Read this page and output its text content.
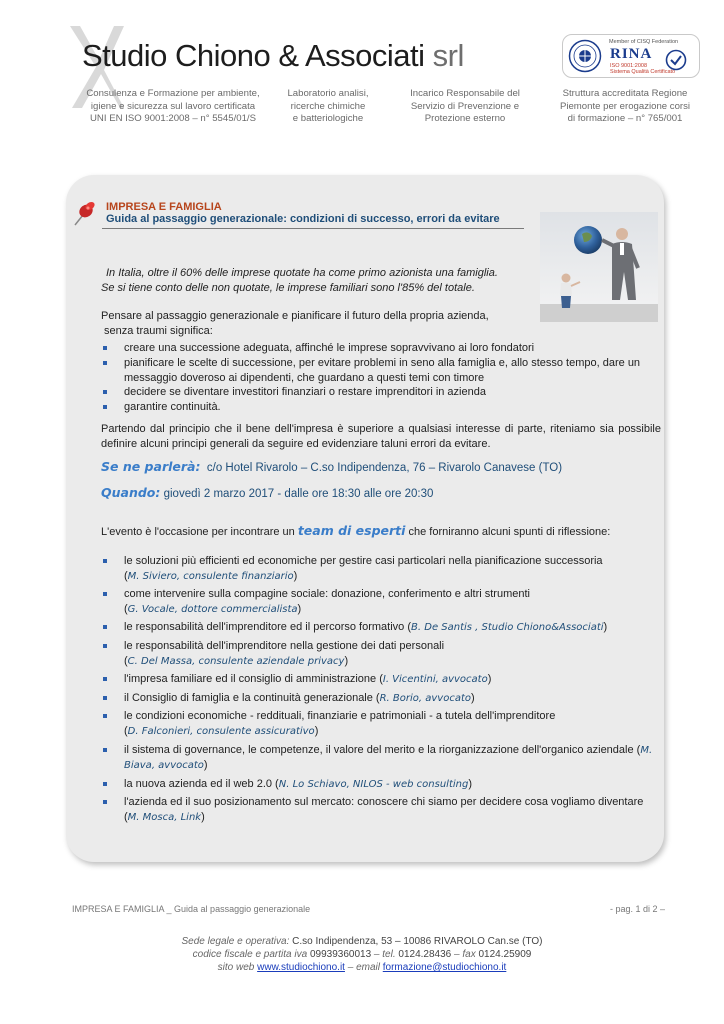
Studio Chiono & Associati srl
Consulenza e Formazione per ambiente,
igiene e sicurezza sul lavoro certificata
UNI EN ISO 9001:2008 – n° 5545/01/S
Laboratorio analisi,
ricerche chimiche
e batteriologiche
Incarico Responsabile del
Servizio di Prevenzione e
Protezione esterno
Struttura accreditata Regione
Piemonte per erogazione corsi
di formazione – n° 765/001
Member of CISQ Federation
RINA
ISO 9001:2008
Sistema Qualità Certificato
IMPRESA E FAMIGLIA
Guida al passaggio generazionale: condizioni di successo, errori da evitare
In Italia, oltre il 60% delle imprese quotate ha come primo azionista una famiglia.
Se si tiene conto delle non quotate, le imprese familiari sono l'85% del totale.
Pensare al passaggio generazionale e pianificare il futuro della propria azienda,
senza traumi significa:
creare una successione adeguata, affinché le imprese sopravvivano ai loro fondatori
pianificare le scelte di successione, per evitare problemi in seno alla famiglia e, allo stesso tempo, dare un messaggio doveroso ai dipendenti, che guardano a questi temi con timore
decidere se diventare investitori finanziari o restare imprenditori in azienda
garantire continuità.
Partendo dal principio che il bene dell'impresa è superiore a qualsiasi interesse di parte, riteniamo sia possibile definire alcuni principi generali da seguire ed evidenziare taluni errori da evitare.
Se ne parlerà: c/o Hotel Rivarolo – C.so Indipendenza, 76 – Rivarolo Canavese (TO)
Quando: giovedì 2 marzo 2017 - dalle ore 18:30 alle ore 20:30
L'evento è l'occasione per incontrare un team di esperti che forniranno alcuni spunti di riflessione:
le soluzioni più efficienti ed economiche per gestire casi particolari nella pianificazione successoria
(M. Siviero, consulente finanziario)
come intervenire sulla compagine sociale: donazione, conferimento e altri strumenti
(G. Vocale, dottore commercialista)
le responsabilità dell'imprenditore ed il percorso formativo (B. De Santis , Studio Chiono&Associati)
le responsabilità dell'imprenditore nella gestione dei dati personali
(C. Del Massa, consulente aziendale privacy)
l'impresa familiare ed il consiglio di amministrazione (I. Vicentini, avvocato)
il Consiglio di famiglia e la continuità generazionale (R. Borio, avvocato)
le condizioni economiche - reddituali, finanziarie e patrimoniali - a tutela dell'imprenditore
(D. Falconieri, consulente assicurativo)
il sistema di governance, le competenze, il valore del merito e la riorganizzazione dell'organico aziendale (M. Biava, avvocato)
la nuova azienda ed il web 2.0 (N. Lo Schiavo, NILOS - web consulting)
l'azienda ed il suo posizionamento sul mercato: conoscere chi siamo per decidere cosa vogliamo diventare (M. Mosca, Link)
IMPRESA E FAMIGLIA _ Guida al passaggio generazionale	- pag. 1 di 2 –
Sede legale e operativa: C.so Indipendenza, 53 – 10086 RIVAROLO Can.se (TO)
codice fiscale e partita iva 09939360013 – tel. 0124.28436 – fax 0124.25909
sito web www.studiochiono.it – email formazione@studiochiono.it
